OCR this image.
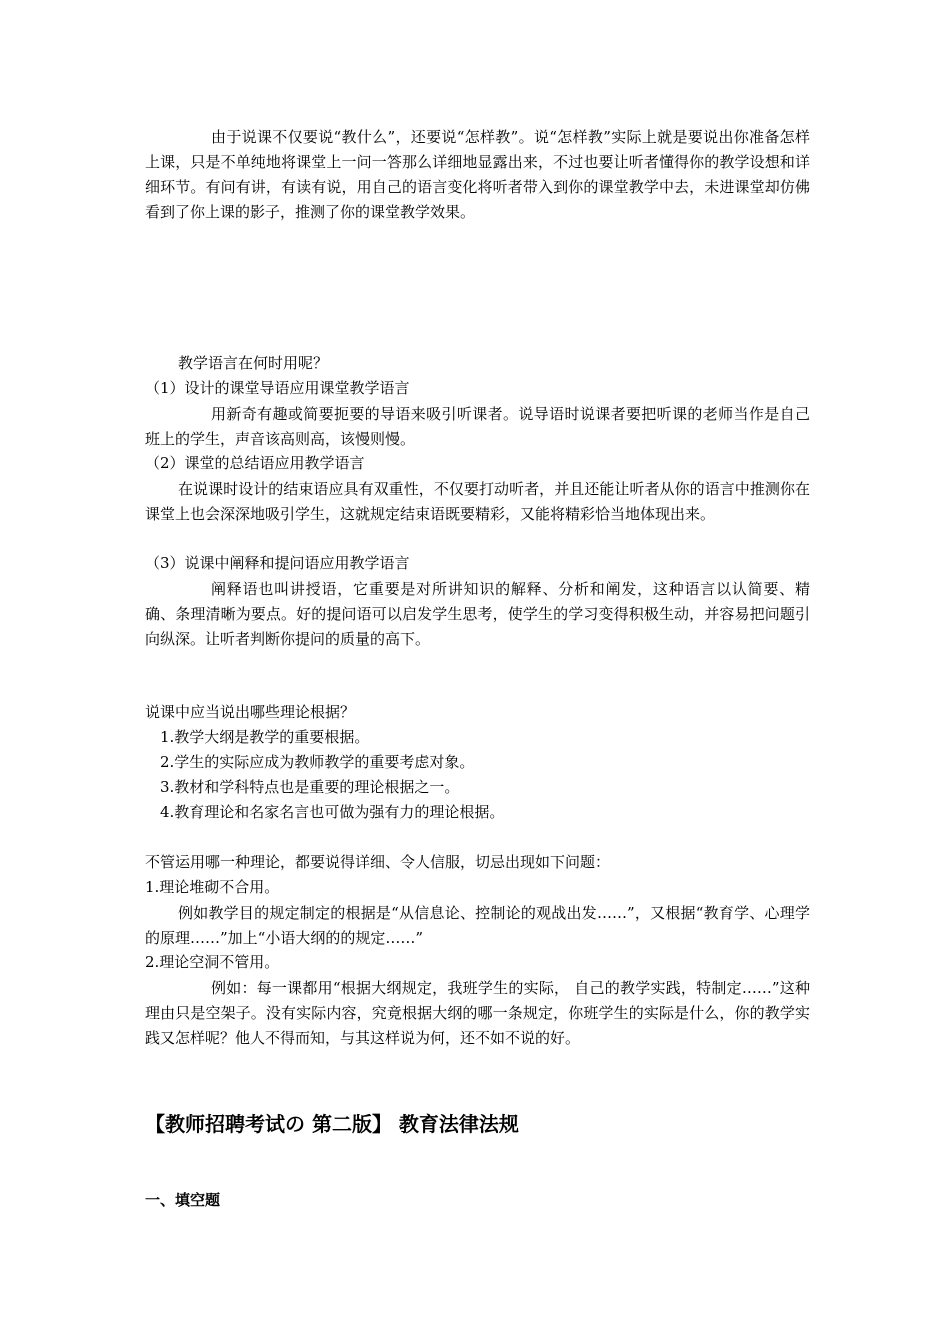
由于说课不仅要说“教什么”，还要说“怎样教”。说“怎样教”实际上就是要说出你准备怎样上课，只是不单纯地将课堂上一问一答那么详细地显露出来，不过也要让听者懂得你的教学设想和详细环节。有问有讲，有读有说，用自己的语言变化将听者带入到你的课堂教学中去，未进课堂却仿佛看到了你上课的影子，推测了你的课堂教学效果。

教学语言在何时用呢？

（1）设计的课堂导语应用课堂教学语言

用新奇有趣或简要扼要的导语来吸引听课者。说导语时说课者要把听课的老师当作是自己班上的学生，声音该高则高，该慢则慢。

（2）课堂的总结语应用教学语言

在说课时设计的结束语应具有双重性，不仅要打动听者，并且还能让听者从你的语言中推测你在课堂上也会深深地吸引学生，这就规定结束语既要精彩，又能将精彩恰当地体现出来。

（3）说课中阐释和提问语应用教学语言

阐释语也叫讲授语，它重要是对所讲知识的解释、分析和阐发，这种语言以认简要、精确、条理清晰为要点。好的提问语可以启发学生思考，使学生的学习变得积极生动，并容易把问题引向纵深。让听者判断你提问的质量的高下。

说课中应当说出哪些理论根据？

1.教学大纲是教学的重要根据。

2.学生的实际应成为教师教学的重要考虑对象。

3.教材和学科特点也是重要的理论根据之一。

4.教育理论和名家名言也可做为强有力的理论根据。

不管运用哪一种理论，都要说得详细、令人信服，切忌出现如下问题：

1.理论堆砌不合用。

例如教学目的规定制定的根据是“从信息论、控制论的观战出发……”，又根据“教育学、心理学的原理……”加上“小语大纲的的规定……”

2.理论空洞不管用。

例如：每一课都用“根据大纲规定，我班学生的实际， 自己的教学实践，特制定……”这种理由只是空架子。没有实际内容，究竟根据大纲的哪一条规定，你班学生的实际是什么，你的教学实践又怎样呢？他人不得而知，与其这样说为何，还不如不说的好。

【教师招聘考试の 第二版】 教育法律法规
一、填空题
